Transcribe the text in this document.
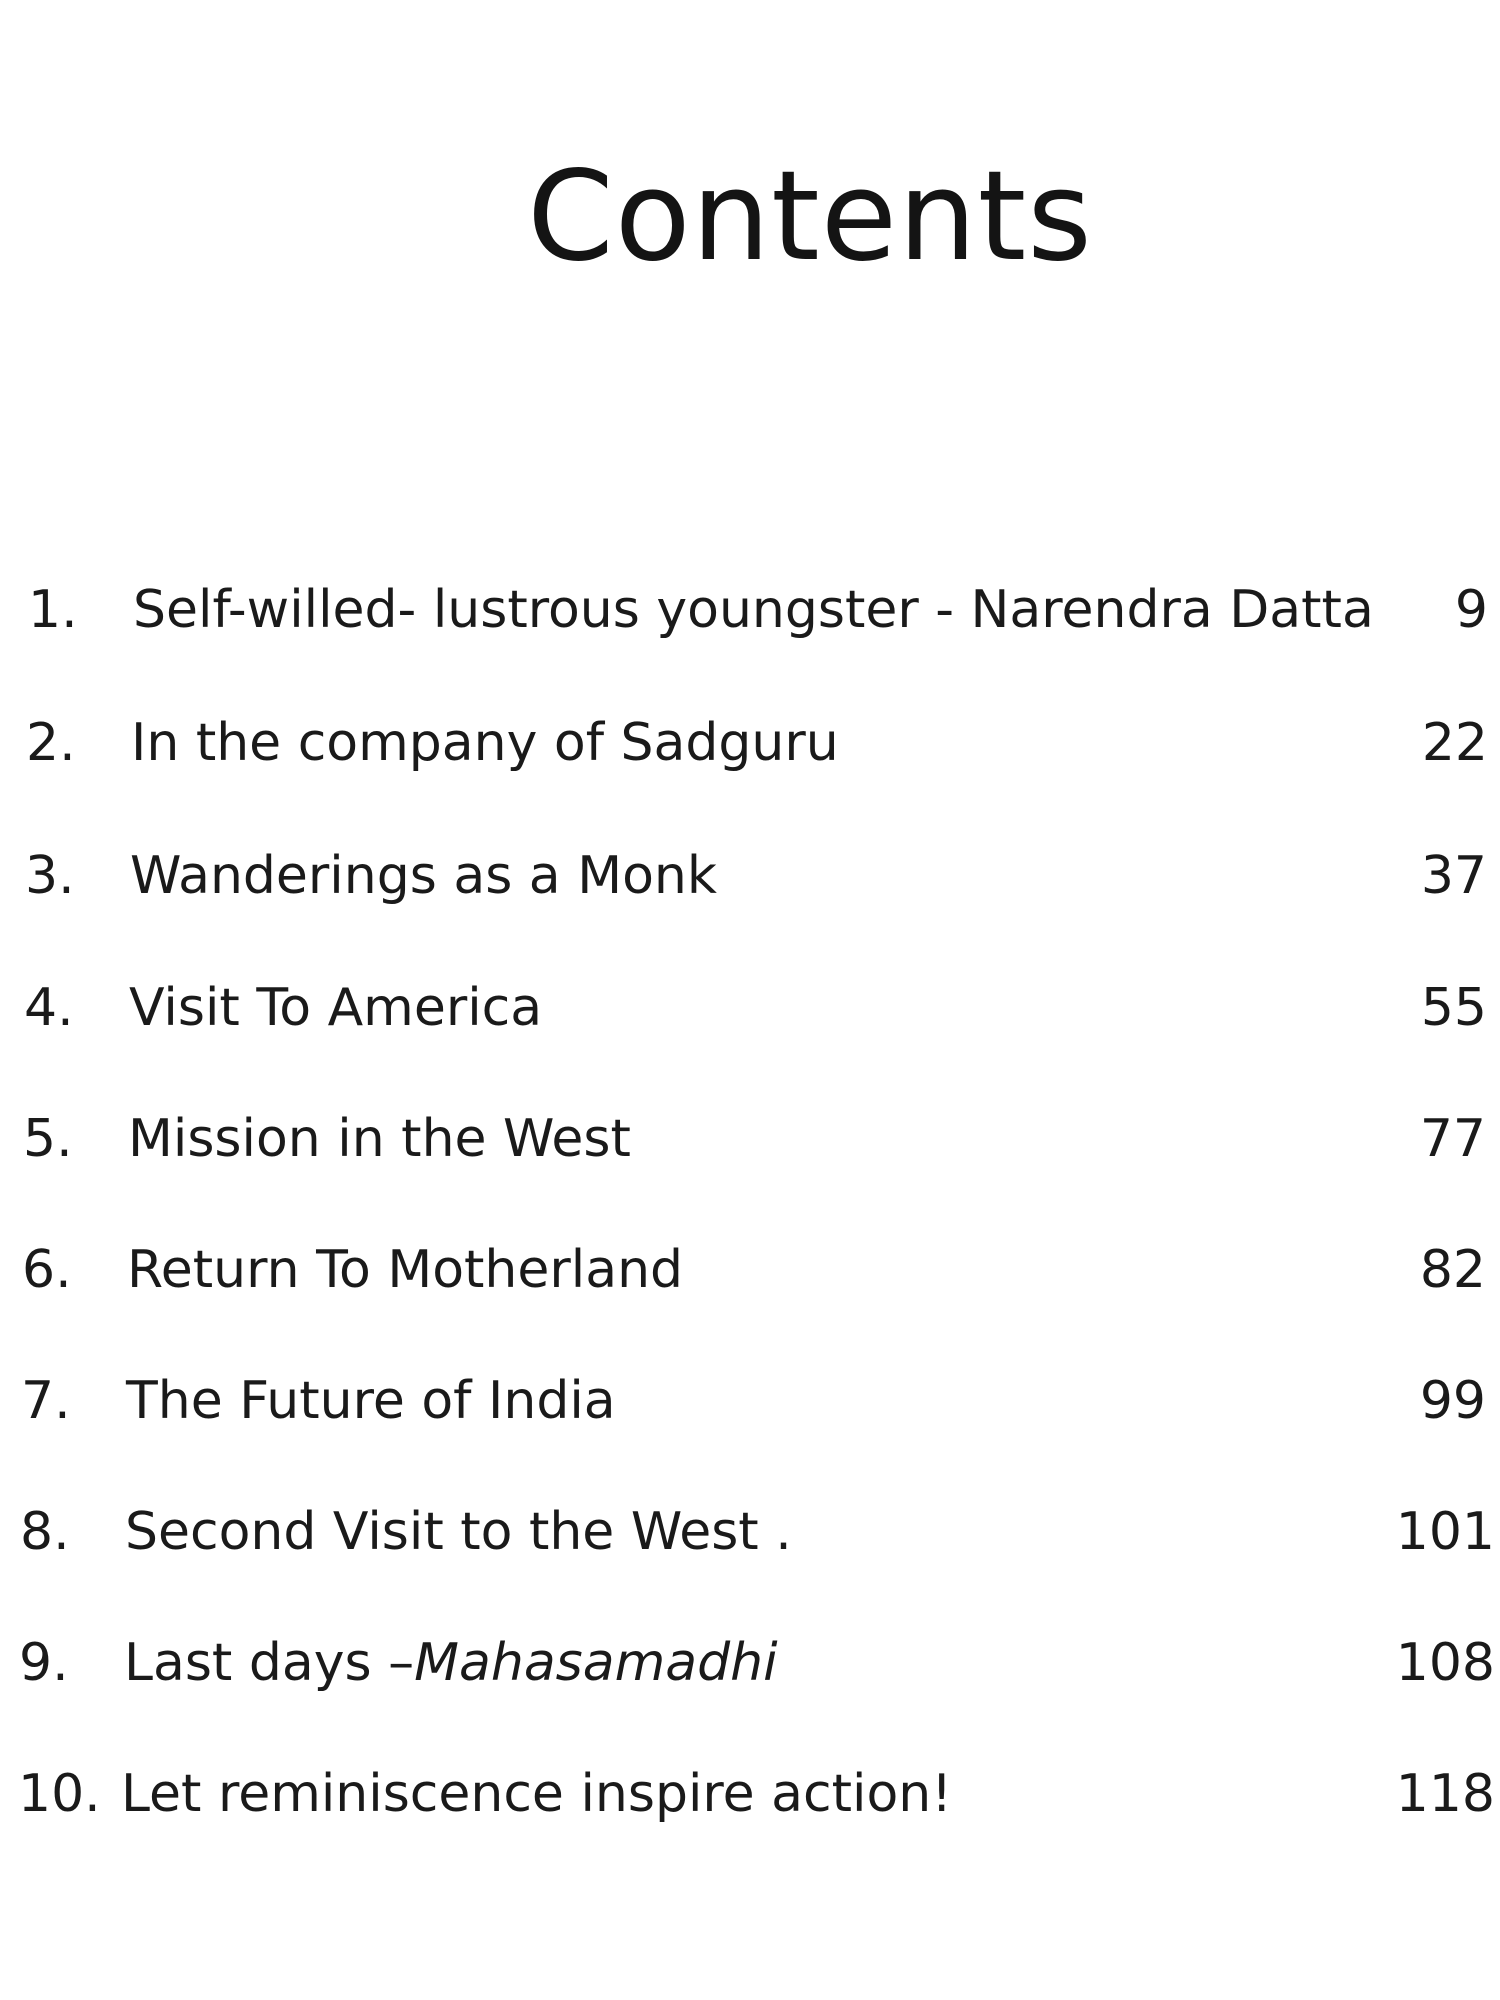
Contents
1. Self-willed- lustrous youngster - Narendra Datta	9
2. In the company of Sadguru	22
3. Wanderings as a Monk	37
4. Visit To America	55
5. Mission in the West	77
6. Return To Motherland	82
7. The Future of India	99
8. Second Visit to the West .	101
9. Last days –Mahasamadhi	108
10. Let reminiscence inspire action!	118
